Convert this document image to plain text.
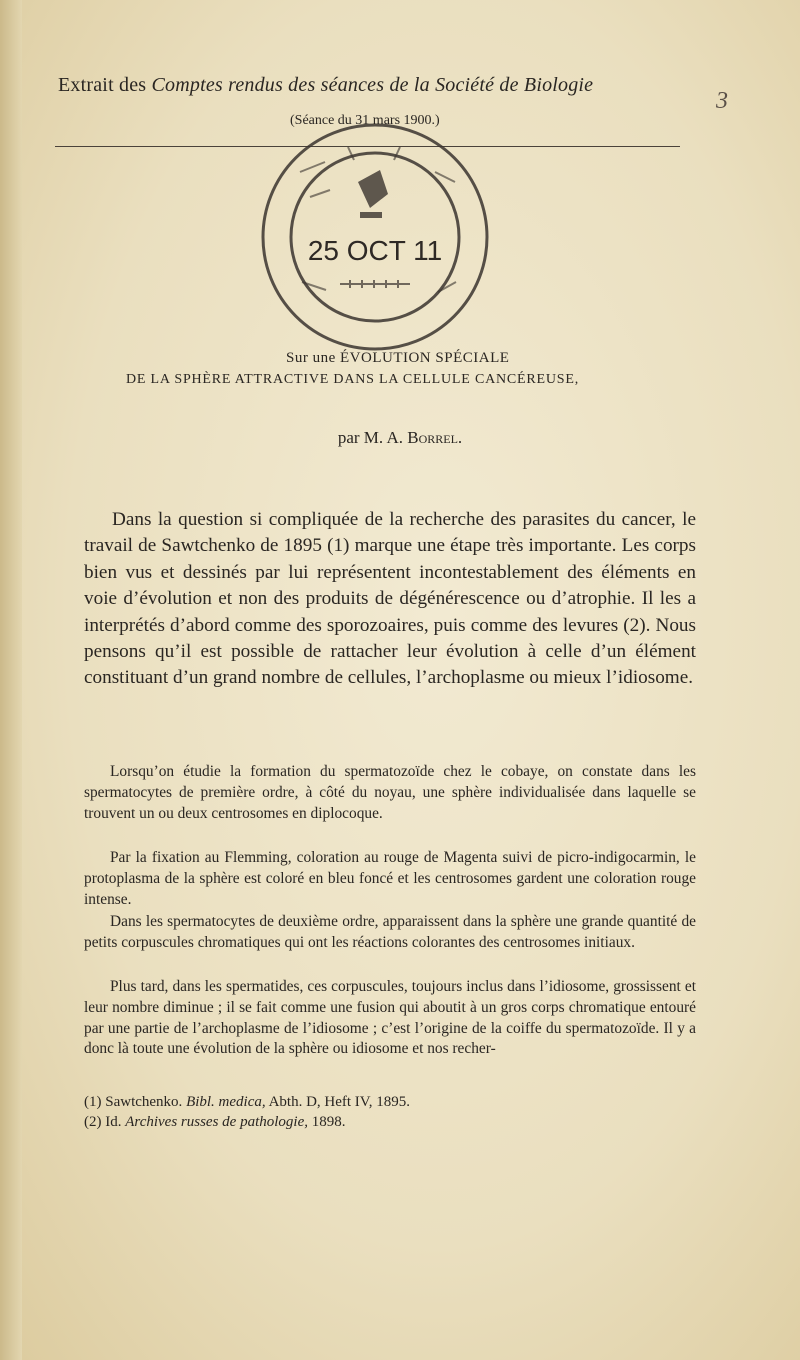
Extrait des Comptes rendus des séances de la Société de Biologie
3
25 OCT 11
(Séance du 31 mars 1900.)
Sur une ÉVOLUTION SPÉCIALE
DE LA SPHÈRE ATTRACTIVE DANS LA CELLULE CANCÉREUSE,
par M. A. Borrel.

Dans la question si compliquée de la recherche des parasites du cancer, le travail de Sawtchenko de 1895 (1) marque une étape très importante. Les corps bien vus et dessinés par lui représentent incontestablement des éléments en voie d’évolution et non des produits de dégénérescence ou d’atrophie. Il les a interprétés d’abord comme des sporozoaires, puis comme des levures (2). Nous pensons qu’il est possible de rattacher leur évolution à celle d’un élément constituant d’un grand nombre de cellules, l’archoplasme ou mieux l’idiosome.

Lorsqu’on étudie la formation du spermatozoïde chez le cobaye, on constate dans les spermatocytes de première ordre, à côté du noyau, une sphère individualisée dans laquelle se trouvent un ou deux centrosomes en diplocoque.

Par la fixation au Flemming, coloration au rouge de Magenta suivi de picro-indigocarmin, le protoplasma de la sphère est coloré en bleu foncé et les centrosomes gardent une coloration rouge intense.

Dans les spermatocytes de deuxième ordre, apparaissent dans la sphère une grande quantité de petits corpuscules chromatiques qui ont les réactions colorantes des centrosomes initiaux.

Plus tard, dans les spermatides, ces corpuscules, toujours inclus dans l’idiosome, grossissent et leur nombre diminue ; il se fait comme une fusion qui aboutit à un gros corps chromatique entouré par une partie de l’archoplasme de l’idiosome ; c’est l’origine de la coiffe du spermatozoïde. Il y a donc là toute une évolution de la sphère ou idiosome et nos recher-

(1) Sawtchenko. Bibl. medica, Abth. D, Heft IV, 1895.
(2) Id. Archives russes de pathologie, 1898.
